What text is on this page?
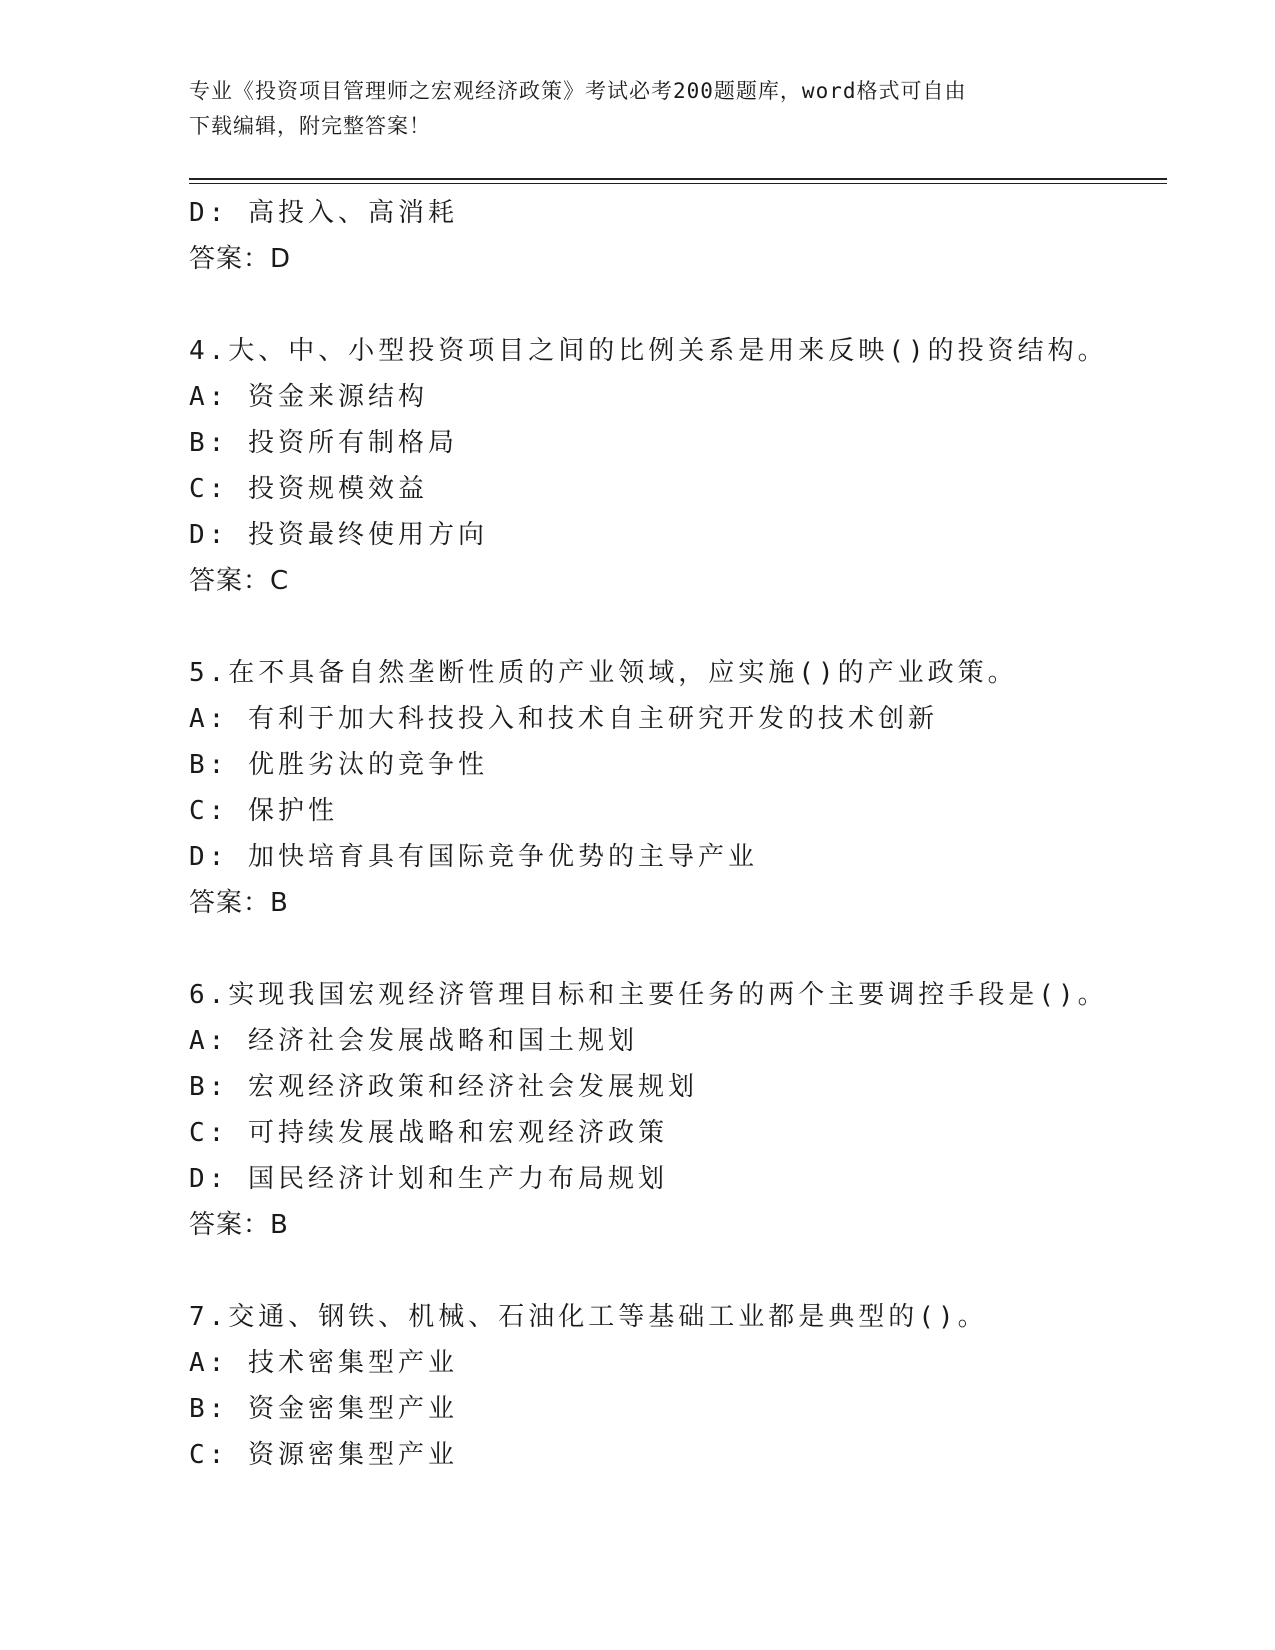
专业《投资项目管理师之宏观经济政策》考试必考200题题库，word格式可自由
下载编辑，附完整答案！
D: 高投入、高消耗
答案：D
4.大、中、小型投资项目之间的比例关系是用来反映()的投资结构。
A: 资金来源结构
B: 投资所有制格局
C: 投资规模效益
D: 投资最终使用方向
答案：C
5.在不具备自然垄断性质的产业领域，应实施()的产业政策。
A: 有利于加大科技投入和技术自主研究开发的技术创新
B: 优胜劣汰的竞争性
C: 保护性
D: 加快培育具有国际竞争优势的主导产业
答案：B
6.实现我国宏观经济管理目标和主要任务的两个主要调控手段是()。
A: 经济社会发展战略和国土规划
B: 宏观经济政策和经济社会发展规划
C: 可持续发展战略和宏观经济政策
D: 国民经济计划和生产力布局规划
答案：B
7.交通、钢铁、机械、石油化工等基础工业都是典型的()。
A: 技术密集型产业
B: 资金密集型产业
C: 资源密集型产业
